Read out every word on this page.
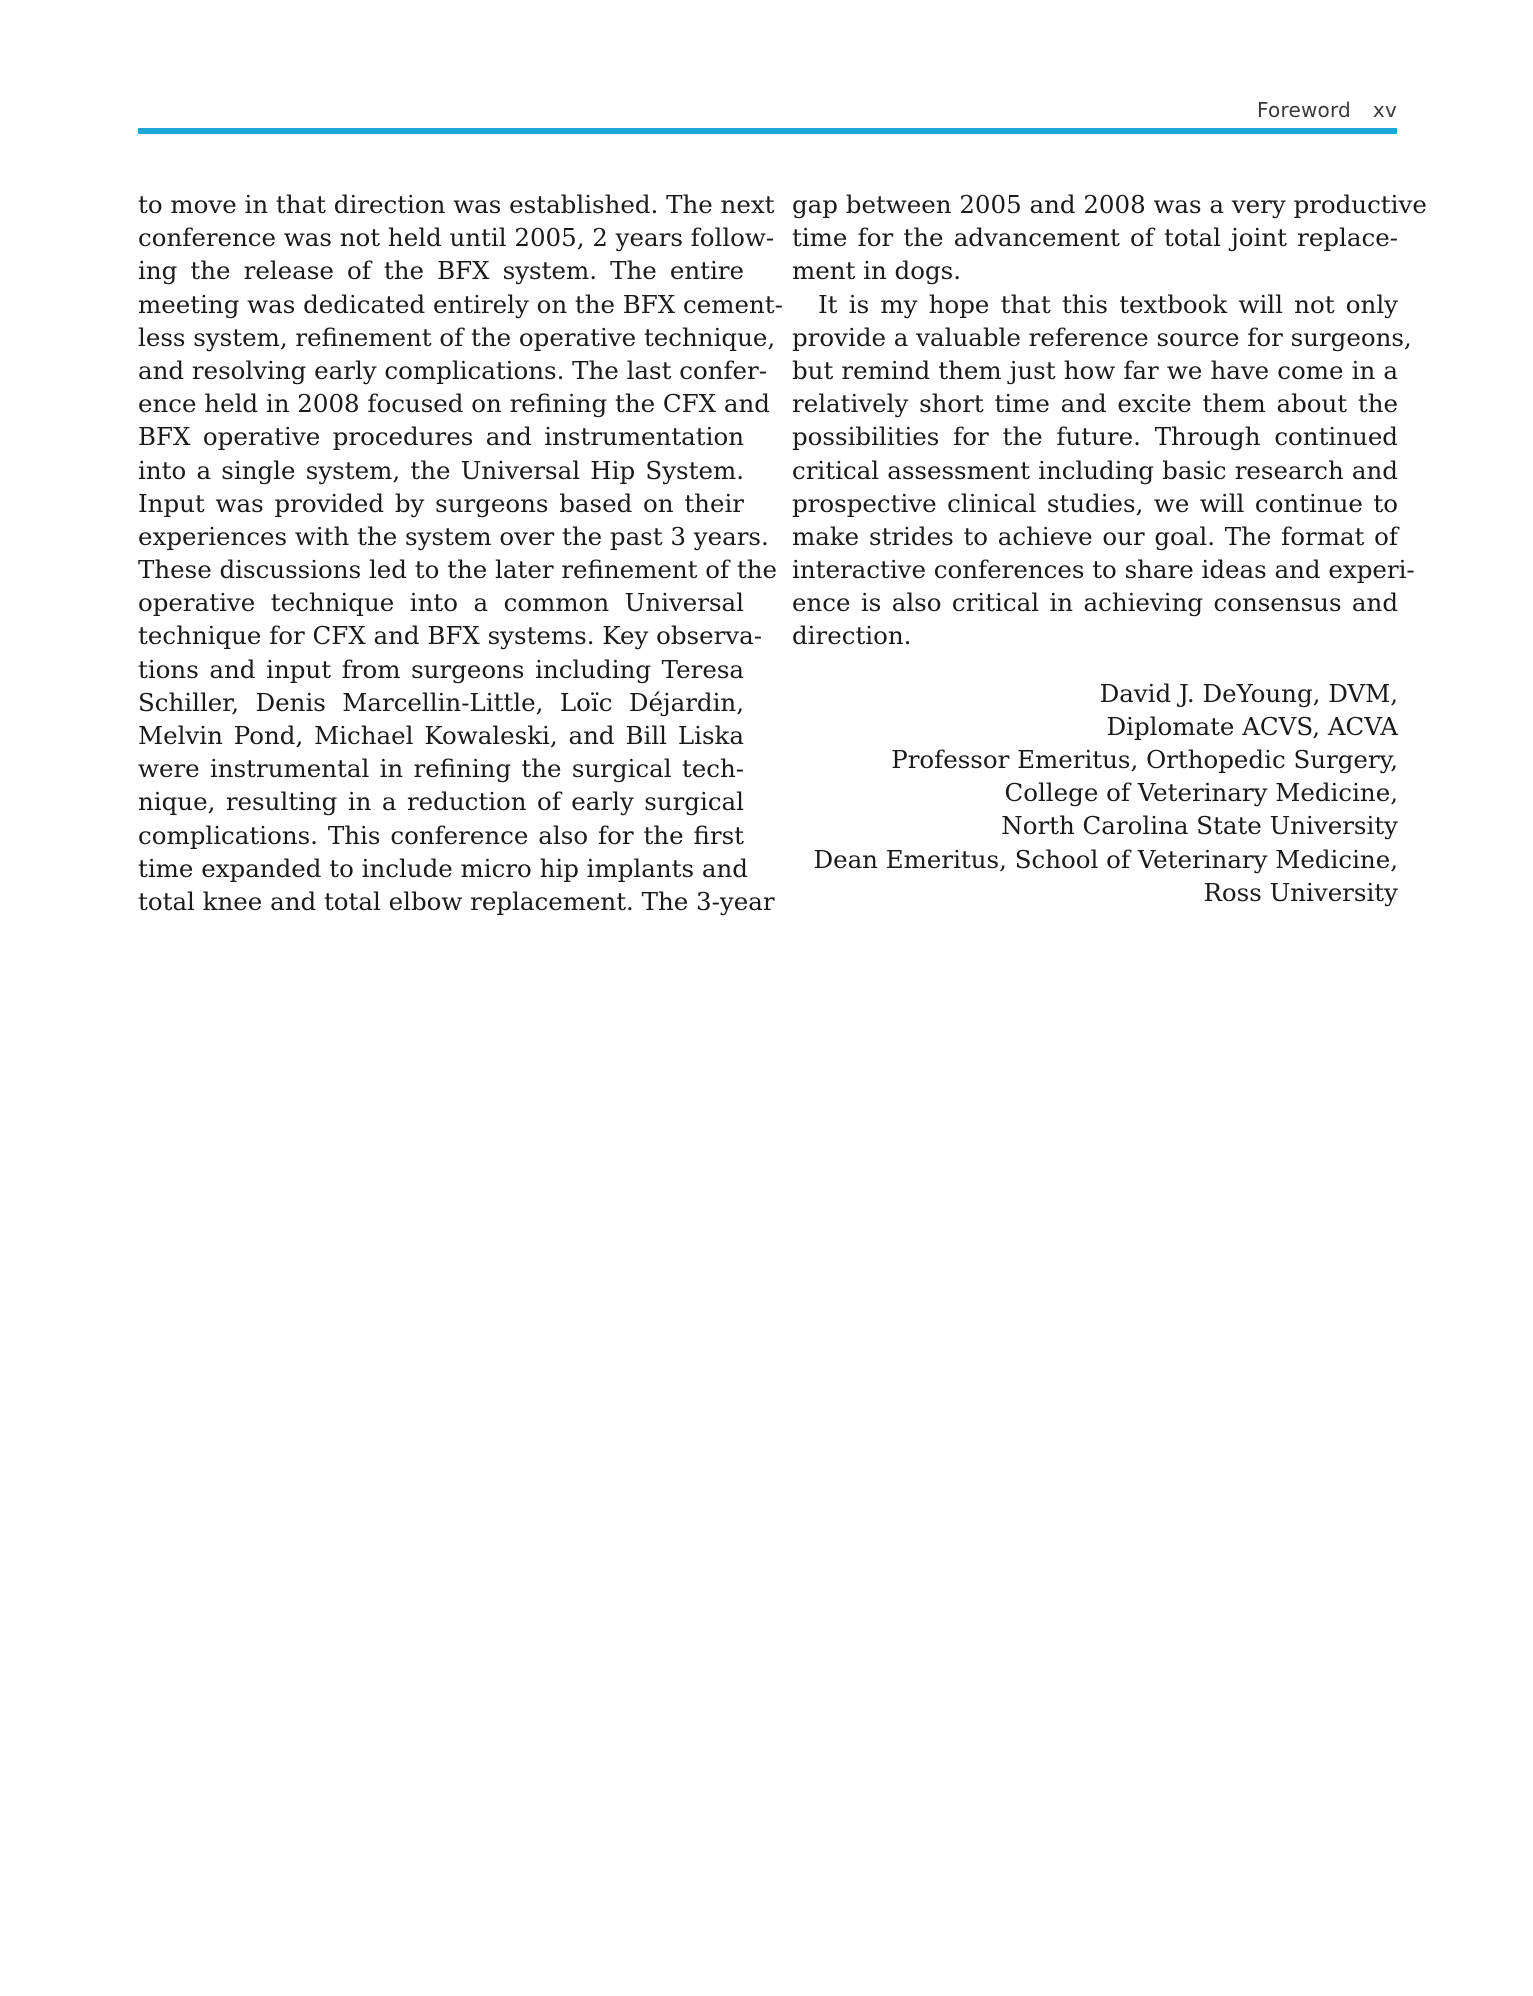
Foreword xv
to move in that direction was established. The next
conference was not held until 2005, 2 years follow-
ing the release of the BFX system. The entire
meeting was dedicated entirely on the BFX cement-
less system, refinement of the operative technique,
and resolving early complications. The last confer-
ence held in 2008 focused on refining the CFX and
BFX operative procedures and instrumentation
into a single system, the Universal Hip System.
Input was provided by surgeons based on their
experiences with the system over the past 3 years.
These discussions led to the later refinement of the
operative technique into a common Universal
technique for CFX and BFX systems. Key observa-
tions and input from surgeons including Teresa
Schiller, Denis Marcellin-Little, Loïc Déjardin,
Melvin Pond, Michael Kowaleski, and Bill Liska
were instrumental in refining the surgical tech-
nique, resulting in a reduction of early surgical
complications. This conference also for the first
time expanded to include micro hip implants and
total knee and total elbow replacement. The 3-year
gap between 2005 and 2008 was a very productive
time for the advancement of total joint replace-
ment in dogs.
It is my hope that this textbook will not only
provide a valuable reference source for surgeons,
but remind them just how far we have come in a
relatively short time and excite them about the
possibilities for the future. Through continued
critical assessment including basic research and
prospective clinical studies, we will continue to
make strides to achieve our goal. The format of
interactive conferences to share ideas and experi-
ence is also critical in achieving consensus and
direction.
David J. DeYoung, DVM,
Diplomate ACVS, ACVA
Professor Emeritus, Orthopedic Surgery,
College of Veterinary Medicine,
North Carolina State University
Dean Emeritus, School of Veterinary Medicine,
Ross University
